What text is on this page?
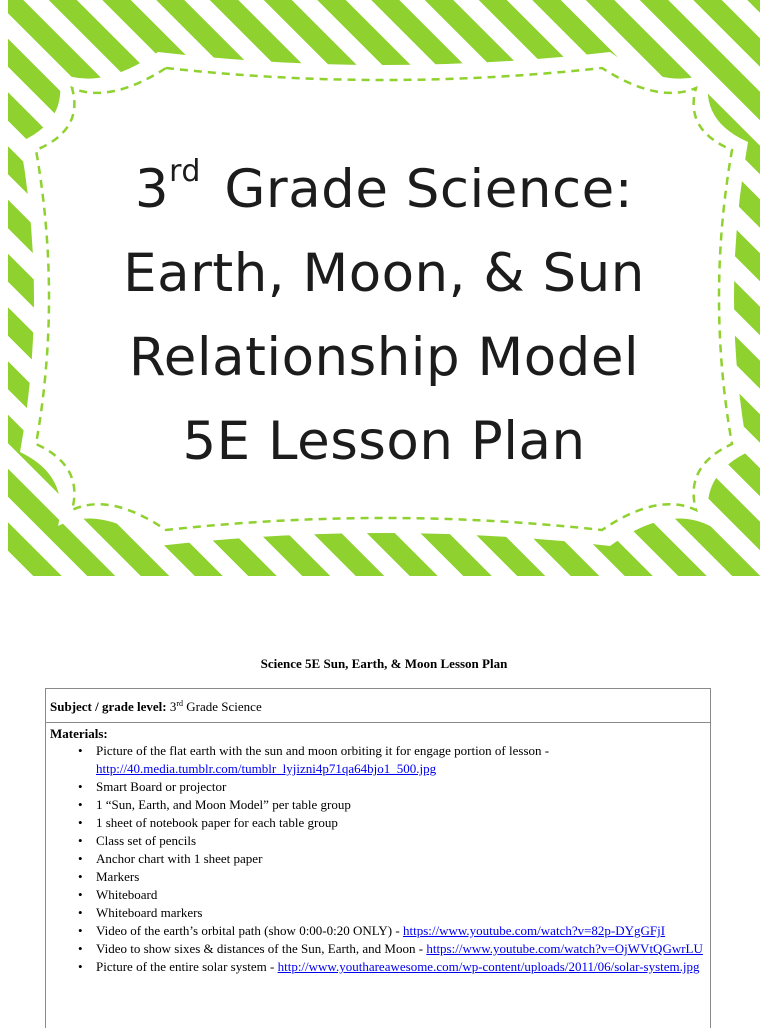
3rd Grade Science:
Earth, Moon, & Sun
Relationship Model
5E Lesson Plan
Science 5E Sun, Earth, & Moon Lesson Plan
Subject / grade level: 3rd Grade Science
Materials:
• Picture of the flat earth with the sun and moon orbiting it for engage portion of lesson - http://40.media.tumblr.com/tumblr_lyjizni4p71qa64bjo1_500.jpg
• Smart Board or projector
• 1 “Sun, Earth, and Moon Model” per table group
• 1 sheet of notebook paper for each table group
• Class set of pencils
• Anchor chart with 1 sheet paper
• Markers
• Whiteboard
• Whiteboard markers
• Video of the earth’s orbital path (show 0:00-0:20 ONLY) - https://www.youtube.com/watch?v=82p-DYgGFjI
• Video to show sixes & distances of the Sun, Earth, and Moon - https://www.youtube.com/watch?v=OjWVtQGwrLU
• Picture of the entire solar system - http://www.youthareawesome.com/wp-content/uploads/2011/06/solar-system.jpg
